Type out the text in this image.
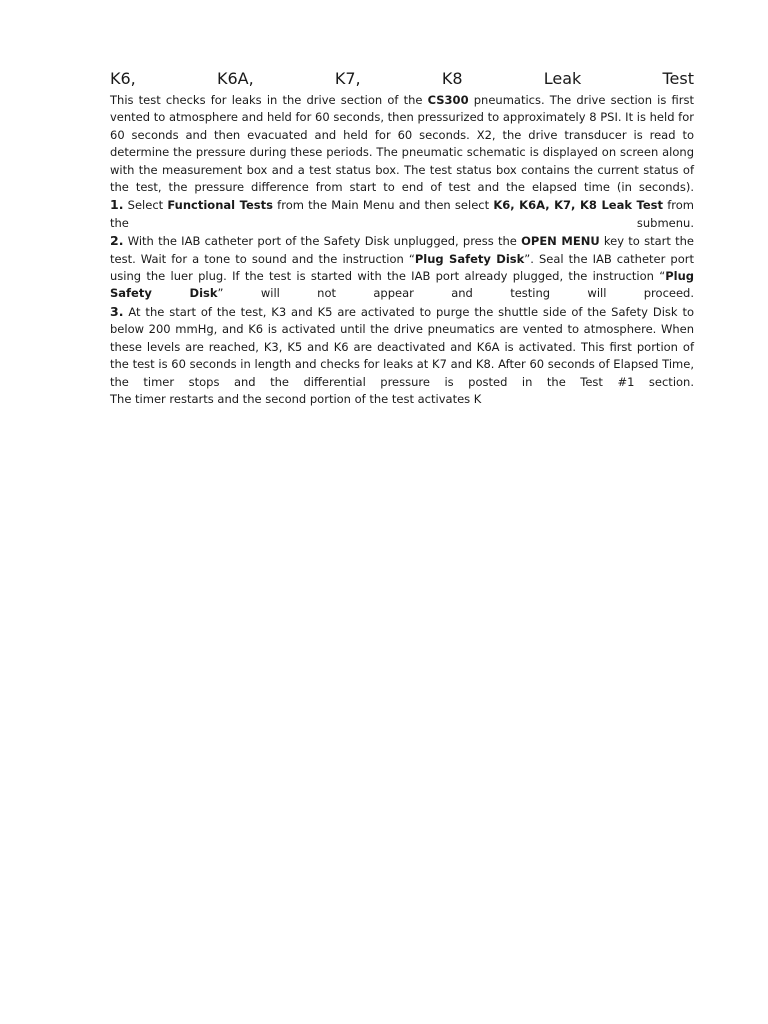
K6,	K6A,	K7,	K8	Leak	Test

This test checks for leaks in the drive section of the CS300 pneumatics. The drive section is first vented to atmosphere and held for 60 seconds, then pressurized to approximately 8 PSI. It is held for 60 seconds and then evacuated and held for 60 seconds. X2, the drive transducer is read to determine the pressure during these periods. The pneumatic schematic is displayed on screen along with the measurement box and a test status box. The test status box contains the current status of the test, the pressure difference from start to end of test and the elapsed time (in seconds).

1. Select Functional Tests from the Main Menu and then select K6, K6A, K7, K8 Leak Test from the submenu.

2. With the IAB catheter port of the Safety Disk unplugged, press the OPEN MENU key to start the test. Wait for a tone to sound and the instruction “Plug Safety Disk”. Seal the IAB catheter port using the luer plug. If the test is started with the IAB port already plugged, the instruction “Plug Safety Disk” will not appear and testing will proceed.

3. At the start of the test, K3 and K5 are activated to purge the shuttle side of the Safety Disk to below 200 mmHg, and K6 is activated until the drive pneumatics are vented to atmosphere. When these levels are reached, K3, K5 and K6 are deactivated and K6A is activated. This first portion of the test is 60 seconds in length and checks for leaks at K7 and K8. After 60 seconds of Elapsed Time, the timer stops and the differential pressure is posted in the Test #1 section.

The timer restarts and the second portion of the test activates K
